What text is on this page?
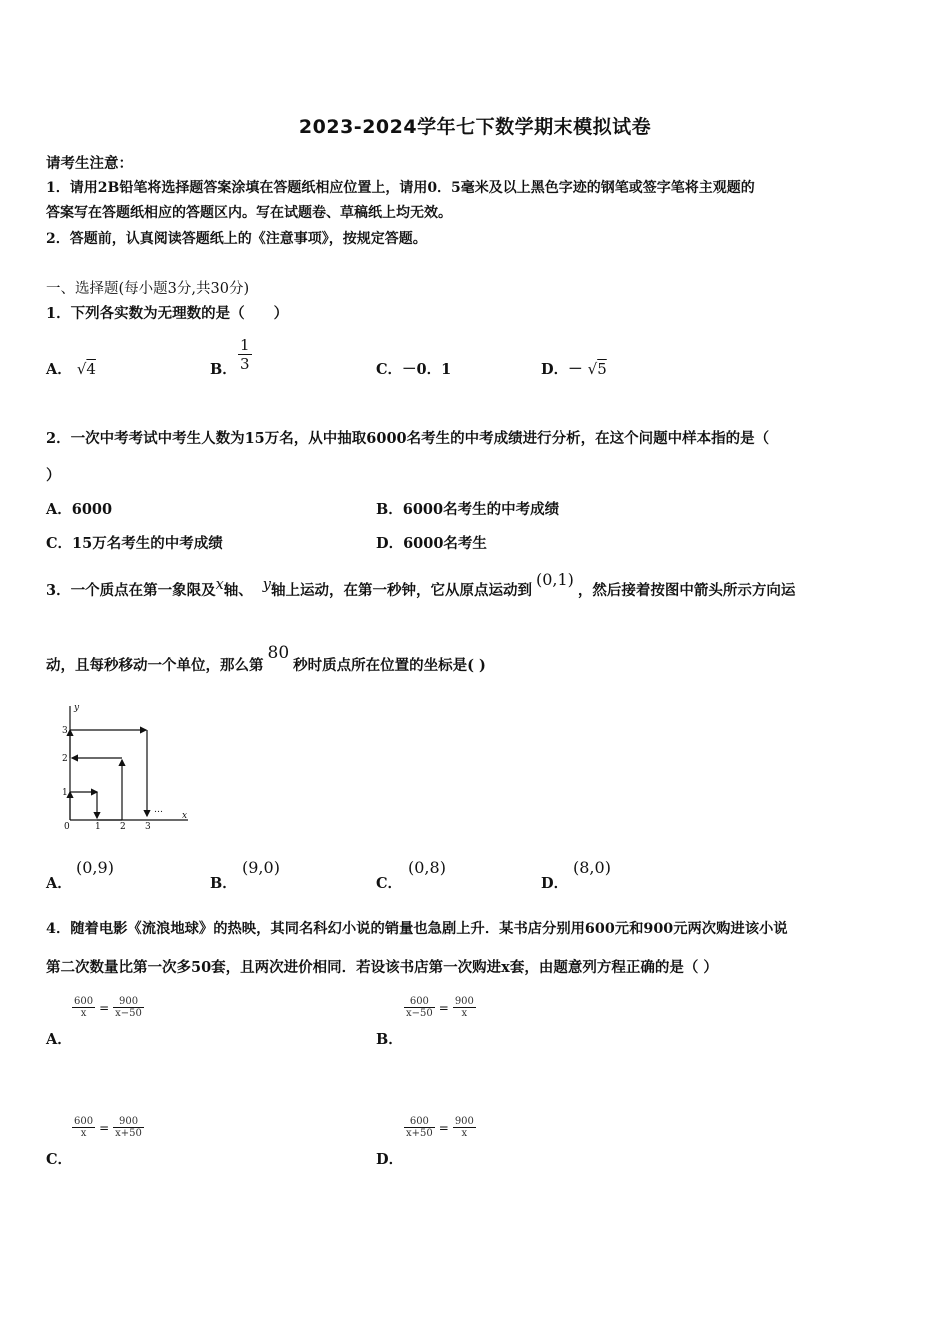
2023-2024学年七下数学期末模拟试卷
请考生注意：
1．请用2B铅笔将选择题答案涂填在答题纸相应位置上，请用0．5毫米及以上黑色字迹的钢笔或签字笔将主观题的
答案写在答题纸相应的答题区内。写在试题卷、草稿纸上均无效。
2．答题前，认真阅读答题纸上的《注意事项》，按规定答题。
一、选择题(每小题3分,共30分)
1．下列各实数为无理数的是（　　）
A． √4	B． $\frac{1}{3}$	C．－0．1	D．－ √5
2．一次中考考试中考生人数为15万名，从中抽取6000名考生的中考成绩进行分析，在这个问题中样本指的是（
）
A．6000	B．6000名考生的中考成绩
C．15万名考生的中考成绩	D．6000名考生
3．一个质点在第一象限及x轴、 y轴上运动，在第一秒钟，它从原点运动到(0,1)，然后接着按图中箭头所示方向运
动，且每秒移动一个单位，那么第80秒时质点所在位置的坐标是( )
y
x
0	1 2 3
1
2
3
…
A．
(0,9)
B．
(9,0)
C．
(0,8)
D．
(8,0)
4．随着电影《流浪地球》的热映，其同名科幻小说的销量也急剧上升．某书店分别用600元和900元两次购进该小说
第二次数量比第一次多50套，且两次进价相同．若设该书店第一次购进x套，由题意列方程正确的是（ ）
$\frac{600}{x} = \frac{900}{x-50}$
A．
$\frac{600}{x-50} = \frac{900}{x}$
B．
$\frac{600}{x} = \frac{900}{x+50}$
C．
$\frac{600}{x+50} = \frac{900}{x}$
D．
